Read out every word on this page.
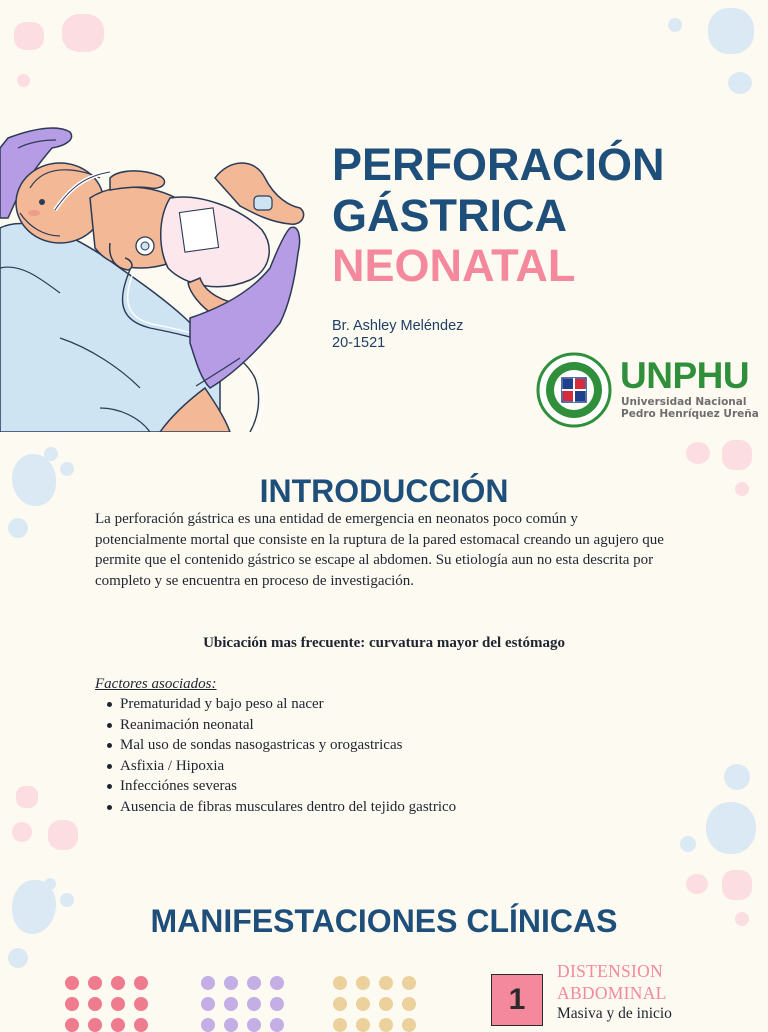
PERFORACIÓN
GÁSTRICA
NEONATAL

Br. Ashley Meléndez

20-1521

UNPHU
Universidad Nacional
Pedro Henríquez Ureña
INTRODUCCIÓN

La perforación gástrica es una entidad de emergencia en neonatos poco común y potencialmente mortal que consiste en la ruptura de la pared estomacal creando un agujero que permite que el contenido gástrico se escape al abdomen. Su etiología aun no esta descrita por completo y se encuentra en proceso de investigación.

Ubicación mas frecuente: curvatura mayor del estómago

Factores asociados:

Prematuridad y bajo peso al nacer
Reanimación neonatal
Mal uso de sondas nasogastricas y orogastricas
Asfixia / Hipoxia
Infecciónes severas
Ausencia de fibras musculares dentro del tejido gastrico
MANIFESTACIONES CLÍNICAS
1

DISTENSION
ABDOMINAL

Masiva y de inicio
